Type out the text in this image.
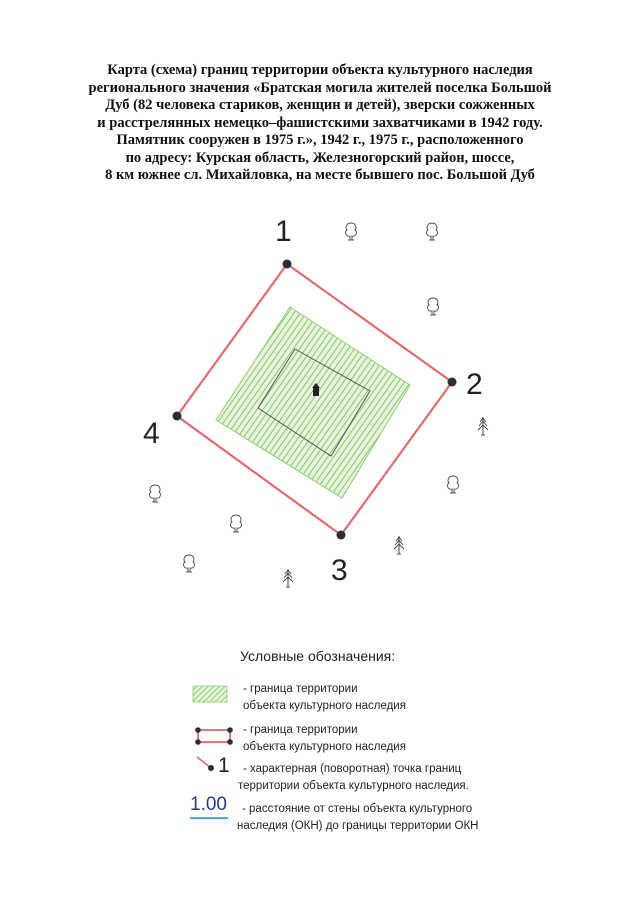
Карта (схема) границ территории объекта культурного наследия
регионального значения «Братская могила жителей поселка Большой
Дуб (82 человека стариков, женщин и детей), зверски сожженных
и расстрелянных немецко–фашистскими захватчиками в 1942 году.
Памятник сооружен в 1975 г.», 1942 г., 1975 г., расположенного
по адресу: Курская область, Железногорский район, шоссе,
8 км южнее сл. Михайловка, на месте бывшего пос. Большой Дуб
1
2
3
4
Условные обозначения:
- граница территории
объекта культурного наследия
- граница территории
объекта культурного наследия
1 - характерная (поворотная) точка границ
территории объекта культурного наследия.
1.00 - расстояние от стены объекта культурного
наследия (ОКН) до границы территории ОКН
